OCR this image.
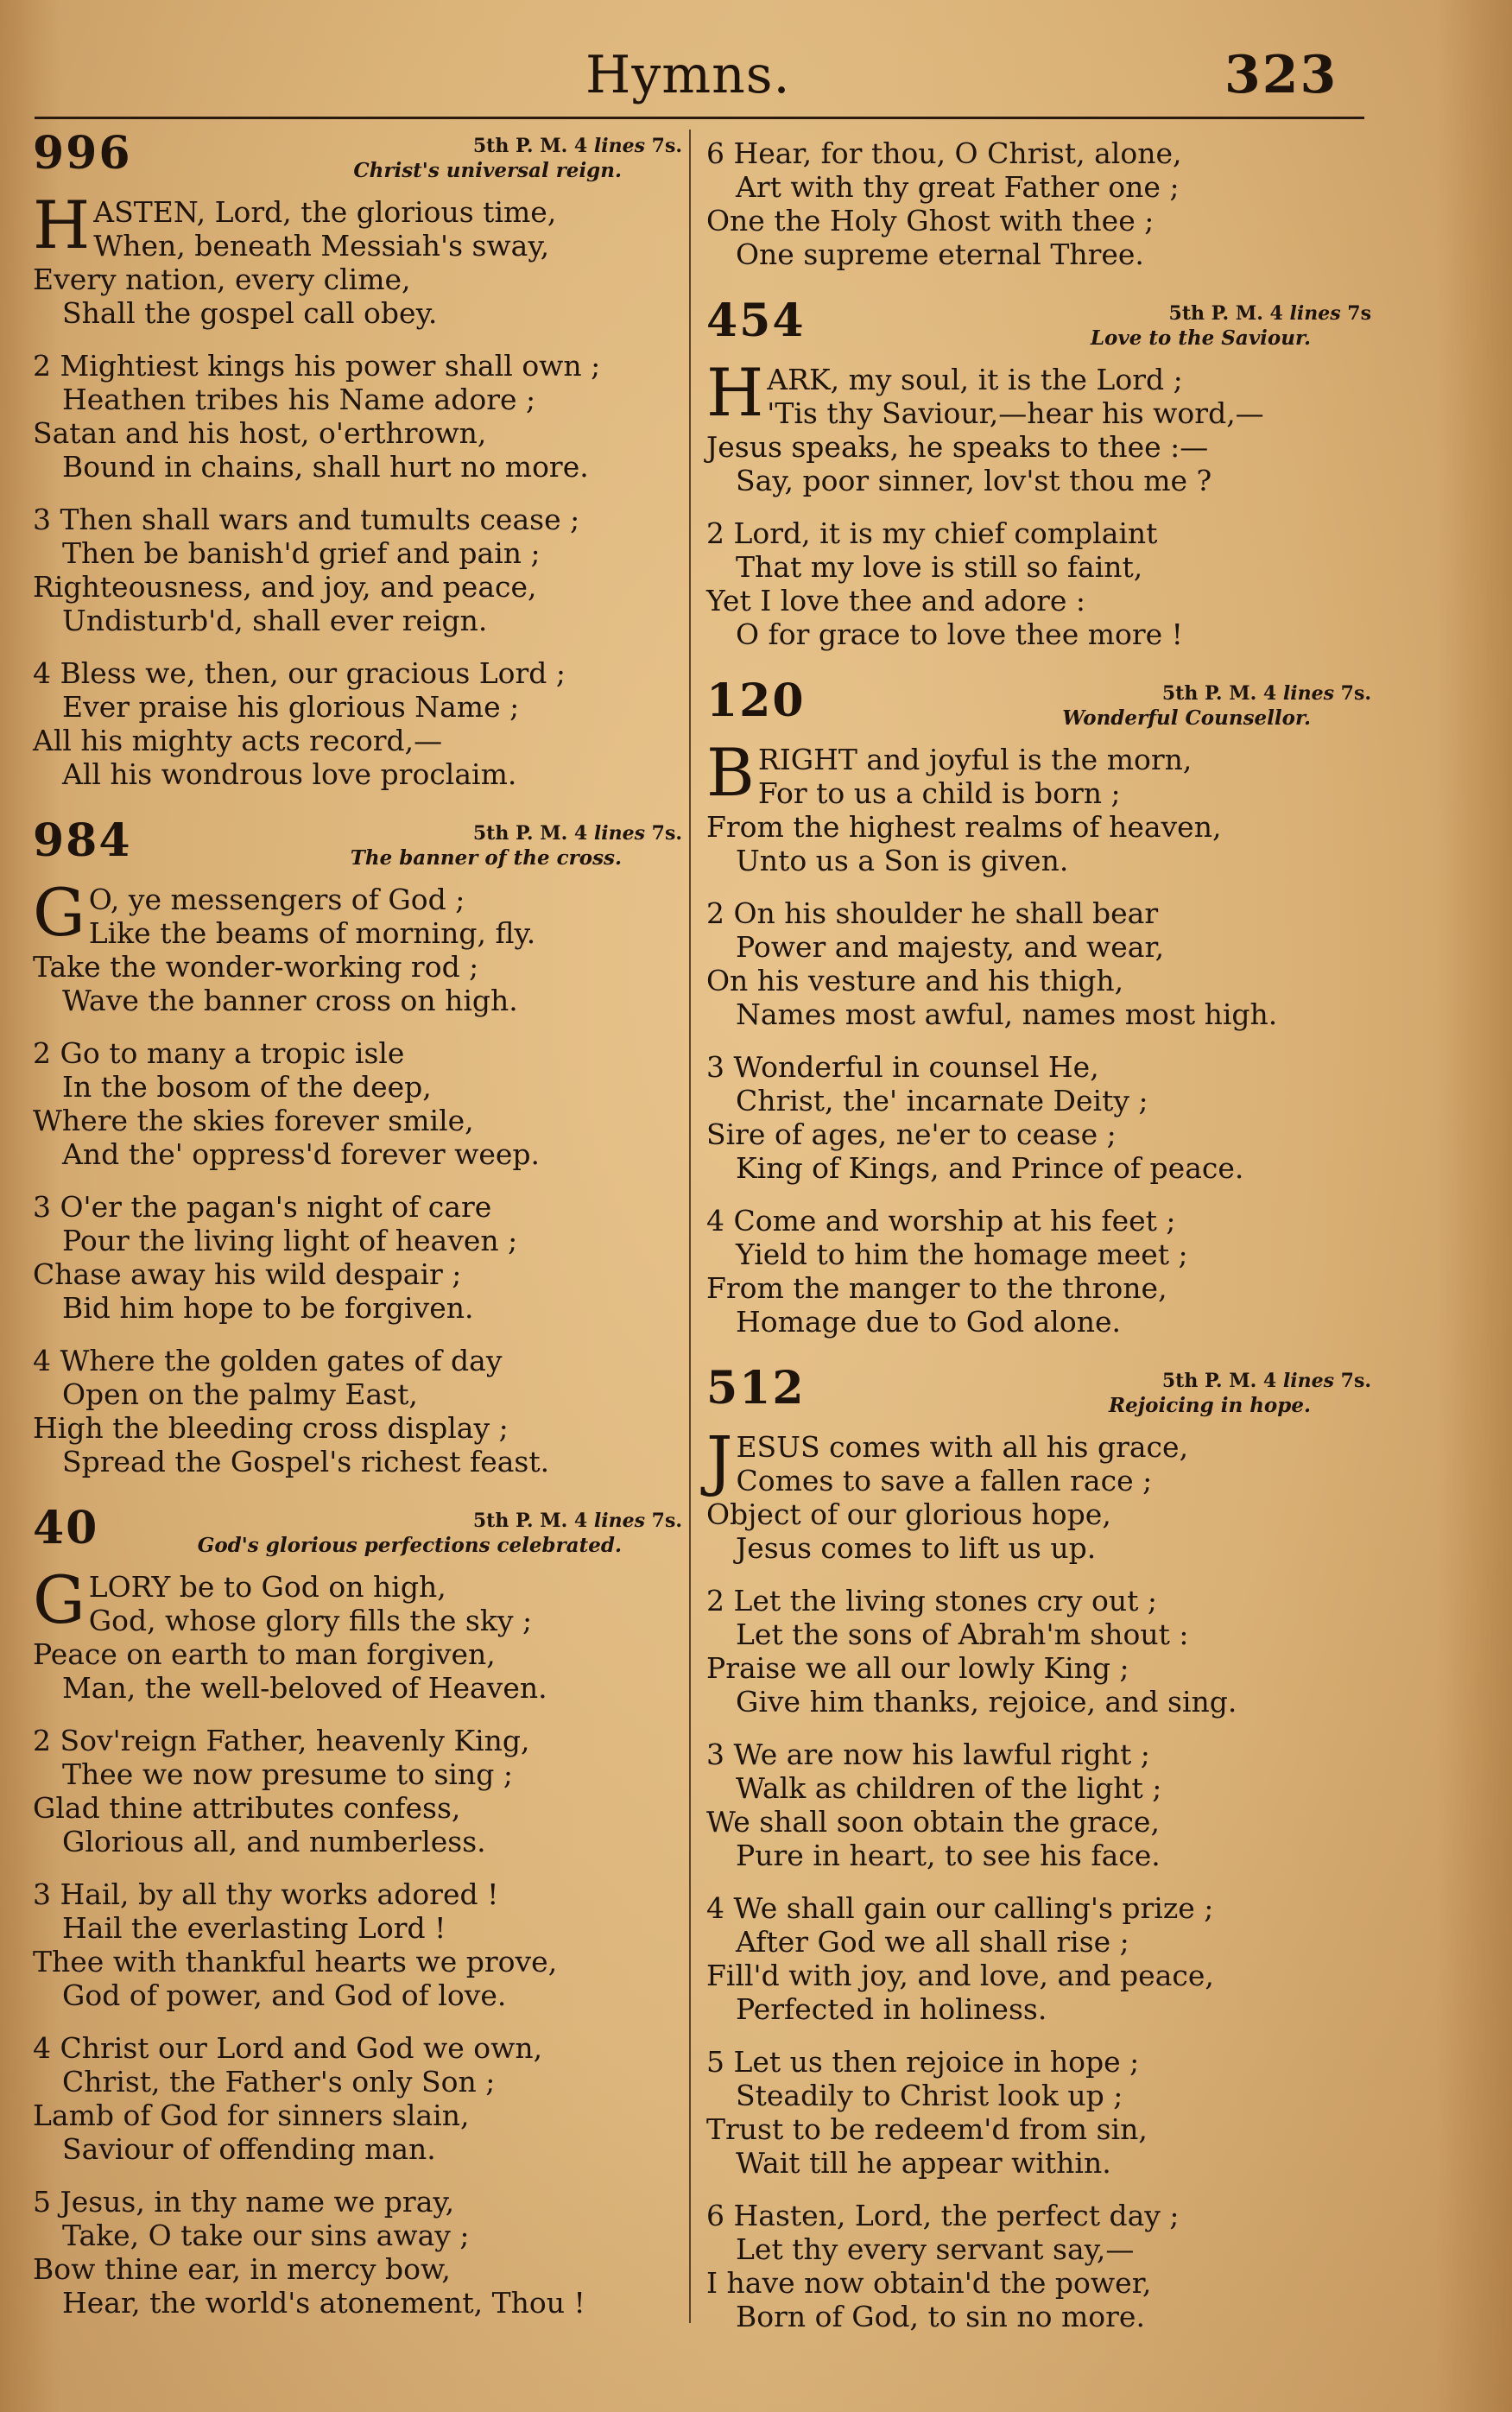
Hymns.	323
996	5th P. M. 4 lines 7s.
Christ's universal reign.
H ASTEN, Lord, the glorious time,
When, beneath Messiah's sway,
Every nation, every clime,
Shall the gospel call obey.
2 Mightiest kings his power shall own ;
Heathen tribes his Name adore ;
Satan and his host, o'erthrown,
Bound in chains, shall hurt no more.
3 Then shall wars and tumults cease ;
Then be banish'd grief and pain ;
Righteousness, and joy, and peace,
Undisturb'd, shall ever reign.
4 Bless we, then, our gracious Lord ;
Ever praise his glorious Name ;
All his mighty acts record,—
All his wondrous love proclaim.
984	5th P. M. 4 lines 7s.
The banner of the cross.
G O, ye messengers of God ;
Like the beams of morning, fly.
Take the wonder-working rod ;
Wave the banner cross on high.
2 Go to many a tropic isle
In the bosom of the deep,
Where the skies forever smile,
And the' oppress'd forever weep.
3 O'er the pagan's night of care
Pour the living light of heaven ;
Chase away his wild despair ;
Bid him hope to be forgiven.
4 Where the golden gates of day
Open on the palmy East,
High the bleeding cross display ;
Spread the Gospel's richest feast.
40	5th P. M. 4 lines 7s.
God's glorious perfections celebrated.
G LORY be to God on high,
God, whose glory fills the sky ;
Peace on earth to man forgiven,
Man, the well-beloved of Heaven.
2 Sov'reign Father, heavenly King,
Thee we now presume to sing ;
Glad thine attributes confess,
Glorious all, and numberless.
3 Hail, by all thy works adored !
Hail the everlasting Lord !
Thee with thankful hearts we prove,
God of power, and God of love.
4 Christ our Lord and God we own,
Christ, the Father's only Son ;
Lamb of God for sinners slain,
Saviour of offending man.
5 Jesus, in thy name we pray,
Take, O take our sins away ;
Bow thine ear, in mercy bow,
Hear, the world's atonement, Thou !
6 Hear, for thou, O Christ, alone,
Art with thy great Father one ;
One the Holy Ghost with thee ;
One supreme eternal Three.
454	5th P. M. 4 lines 7s
Love to the Saviour.
H ARK, my soul, it is the Lord ;
'Tis thy Saviour,—hear his word,—
Jesus speaks, he speaks to thee :—
Say, poor sinner, lov'st thou me ?
2 Lord, it is my chief complaint
That my love is still so faint,
Yet I love thee and adore :
O for grace to love thee more !
120	5th P. M. 4 lines 7s.
Wonderful Counsellor.
B RIGHT and joyful is the morn,
For to us a child is born ;
From the highest realms of heaven,
Unto us a Son is given.
2 On his shoulder he shall bear
Power and majesty, and wear,
On his vesture and his thigh,
Names most awful, names most high.
3 Wonderful in counsel He,
Christ, the' incarnate Deity ;
Sire of ages, ne'er to cease ;
King of Kings, and Prince of peace.
4 Come and worship at his feet ;
Yield to him the homage meet ;
From the manger to the throne,
Homage due to God alone.
512	5th P. M. 4 lines 7s.
Rejoicing in hope.
J ESUS comes with all his grace,
Comes to save a fallen race ;
Object of our glorious hope,
Jesus comes to lift us up.
2 Let the living stones cry out ;
Let the sons of Abrah'm shout :
Praise we all our lowly King ;
Give him thanks, rejoice, and sing.
3 We are now his lawful right ;
Walk as children of the light ;
We shall soon obtain the grace,
Pure in heart, to see his face.
4 We shall gain our calling's prize ;
After God we all shall rise ;
Fill'd with joy, and love, and peace,
Perfected in holiness.
5 Let us then rejoice in hope ;
Steadily to Christ look up ;
Trust to be redeem'd from sin,
Wait till he appear within.
6 Hasten, Lord, the perfect day ;
Let thy every servant say,—
I have now obtain'd the power,
Born of God, to sin no more.
